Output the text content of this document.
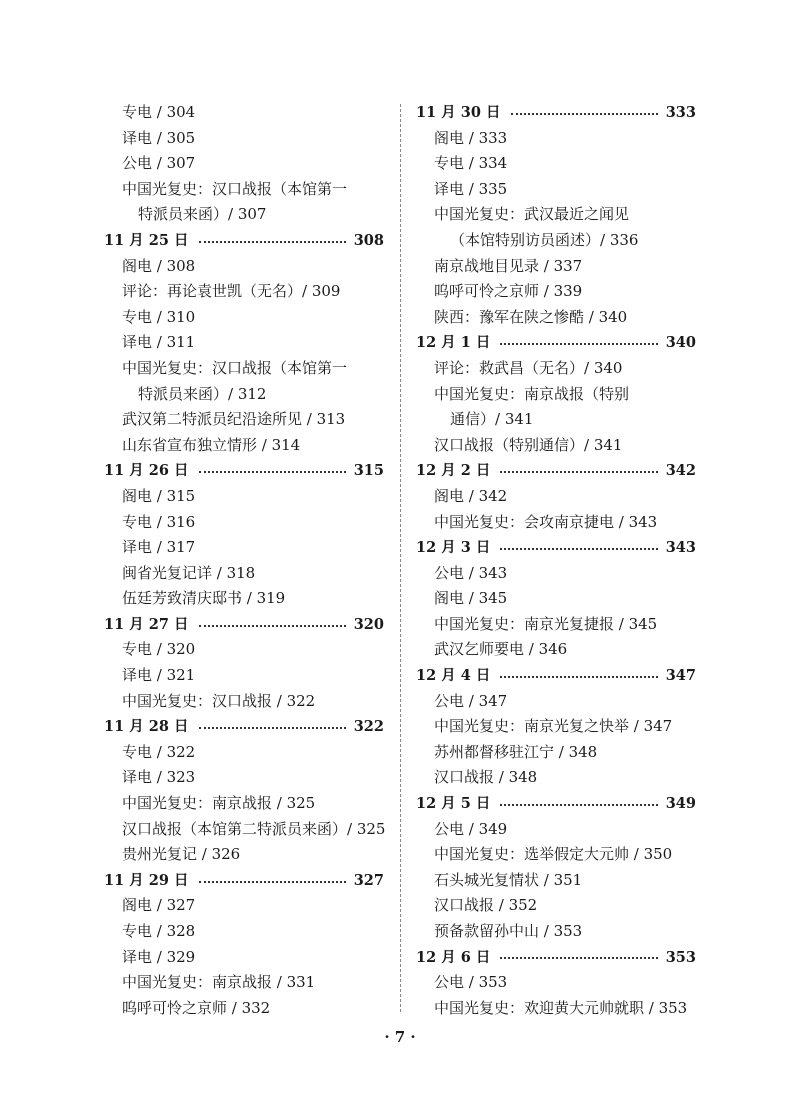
专电 / 304
译电 / 305
公电 / 307
中国光复史：汉口战报（本馆第一
特派员来函）/ 307
11 月 25 日	308
阁电 / 308
评论：再论袁世凯（无名）/ 309
专电 / 310
译电 / 311
中国光复史：汉口战报（本馆第一
特派员来函）/ 312
武汉第二特派员纪沿途所见 / 313
山东省宣布独立情形 / 314
11 月 26 日	315
阁电 / 315
专电 / 316
译电 / 317
闽省光复记详 / 318
伍廷芳致清庆邸书 / 319
11 月 27 日	320
专电 / 320
译电 / 321
中国光复史：汉口战报 / 322
11 月 28 日	322
专电 / 322
译电 / 323
中国光复史：南京战报 / 325
汉口战报（本馆第二特派员来函）/ 325
贵州光复记 / 326
11 月 29 日	327
阁电 / 327
专电 / 328
译电 / 329
中国光复史：南京战报 / 331
呜呼可怜之京师 / 332
11 月 30 日	333
阁电 / 333
专电 / 334
译电 / 335
中国光复史：武汉最近之闻见
（本馆特别访员函述）/ 336
南京战地目见录 / 337
呜呼可怜之京师 / 339
陕西：豫军在陕之惨酷 / 340
12 月 1 日	340
评论：救武昌（无名）/ 340
中国光复史：南京战报（特别
通信）/ 341
汉口战报（特别通信）/ 341
12 月 2 日	342
阁电 / 342
中国光复史：会攻南京捷电 / 343
12 月 3 日	343
公电 / 343
阁电 / 345
中国光复史：南京光复捷报 / 345
武汉乞师要电 / 346
12 月 4 日	347
公电 / 347
中国光复史：南京光复之快举 / 347
苏州都督移驻江宁 / 348
汉口战报 / 348
12 月 5 日	349
公电 / 349
中国光复史：选举假定大元帅 / 350
石头城光复情状 / 351
汉口战报 / 352
预备款留孙中山 / 353
12 月 6 日	353
公电 / 353
中国光复史：欢迎黄大元帅就职 / 353
· 7 ·
